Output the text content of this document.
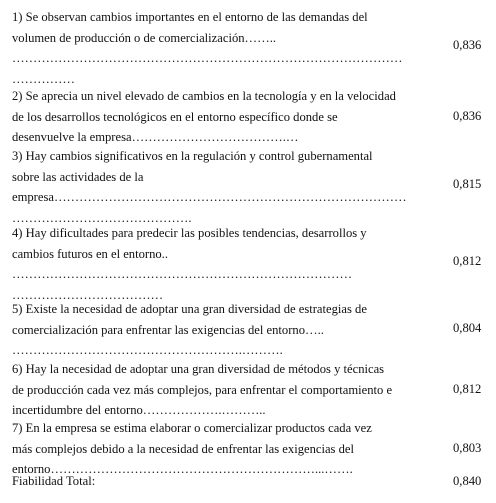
1) Se observan cambios importantes en el entorno de las demandas del
volumen de producción o de comercialización……..
…………………………………………………………………………………
……………
0,836
2) Se aprecia un nivel elevado de cambios en la tecnología y en la velocidad
de los desarrollos tecnológicos en el entorno específico donde se
desenvuelve la empresa……………………………….…
0,836
3) Hay cambios significativos en la regulación y control gubernamental
sobre las actividades de la
empresa…………………………………………………………………………
…………………………………….
0,815
4) Hay dificultades para predecir las posibles tendencias, desarrollos y
cambios futuros en el entorno..
………………………………………………………………………
………………………………
0,812
5) Existe la necesidad de adoptar una gran diversidad de estrategias de
comercialización para enfrentar las exigencias del entorno…..
……………………………………………….……….
0,804
6) Hay la necesidad de adoptar una gran diversidad de métodos y técnicas
de producción cada vez más complejos, para enfrentar el comportamiento e
incertidumbre del entorno……………….………..
0,812
7) En la empresa se estima elaborar o comercializar productos cada vez
más complejos debido a la necesidad de enfrentar las exigencias del
entorno………………………………………………………...…….
0,803
Fiabilidad Total:	0,840
